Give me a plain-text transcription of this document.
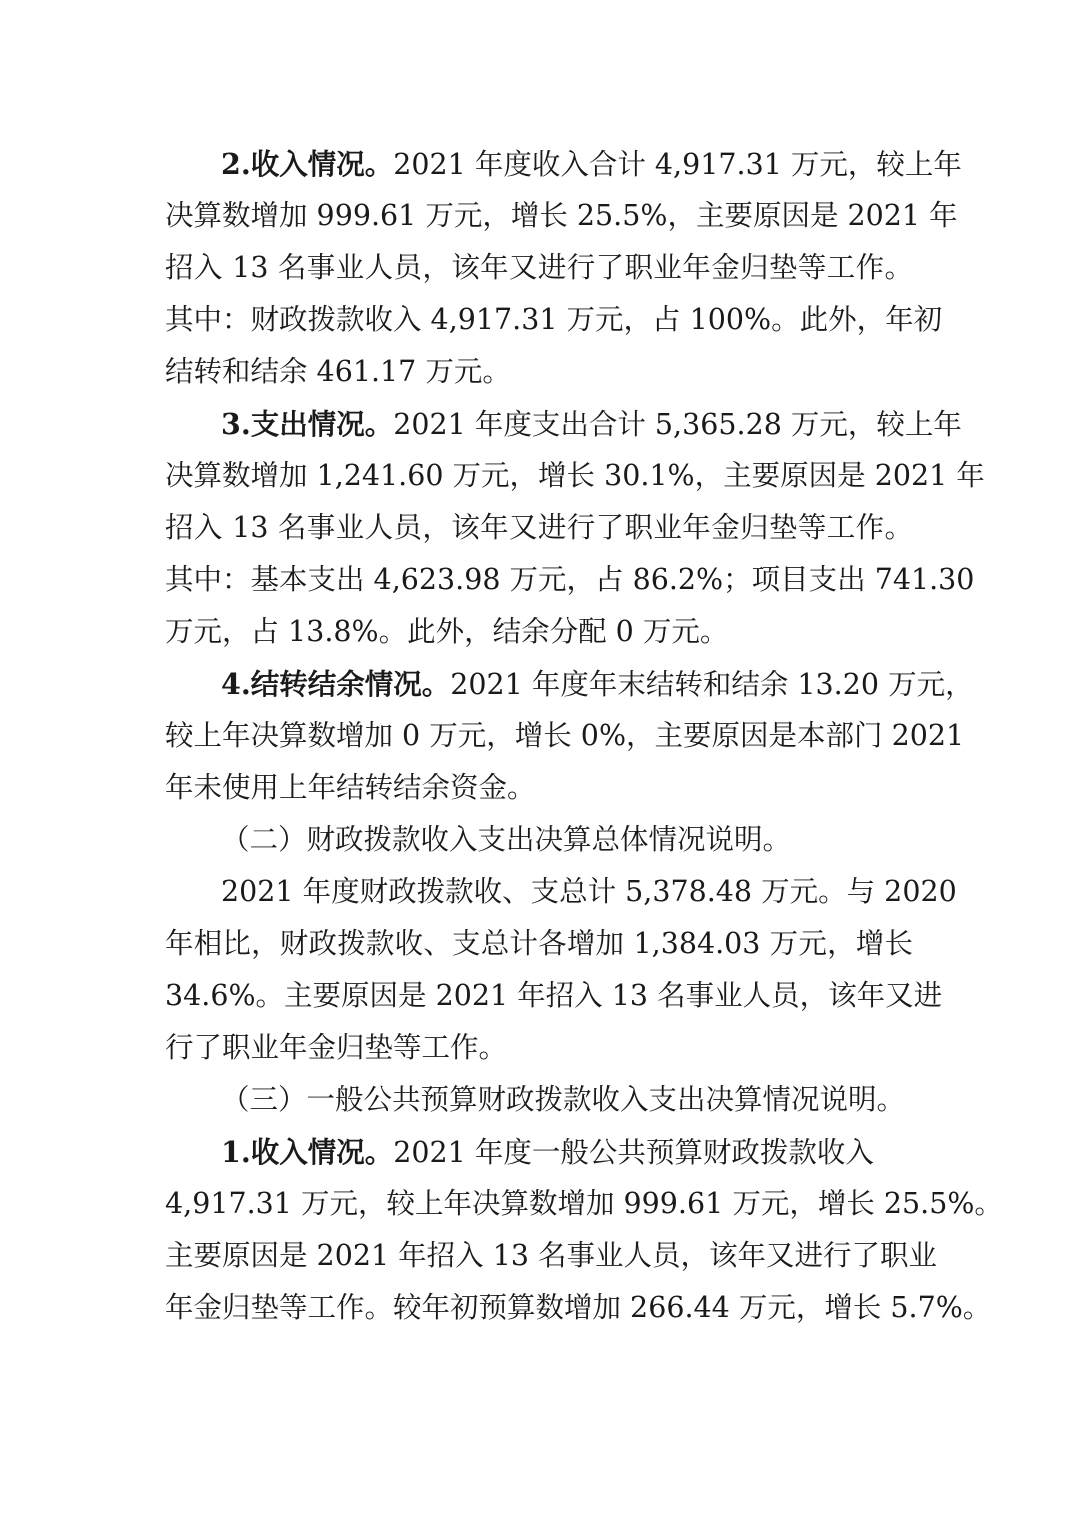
2.收入情况。2021 年度收入合计 4,917.31 万元，较上年
决算数增加 999.61 万元，增长 25.5%，主要原因是 2021 年
招入 13 名事业人员，该年又进行了职业年金归垫等工作。
其中：财政拨款收入 4,917.31 万元，占 100%。此外，年初
结转和结余 461.17 万元。
3.支出情况。2021 年度支出合计 5,365.28 万元，较上年
决算数增加 1,241.60 万元，增长 30.1%，主要原因是 2021 年
招入 13 名事业人员，该年又进行了职业年金归垫等工作。
其中：基本支出 4,623.98 万元，占 86.2%；项目支出 741.30
万元，占 13.8%。此外，结余分配 0 万元。
4.结转结余情况。2021 年度年末结转和结余 13.20 万元，
较上年决算数增加 0 万元，增长 0%，主要原因是本部门 2021
年未使用上年结转结余资金。
（二）财政拨款收入支出决算总体情况说明。
2021 年度财政拨款收、支总计 5,378.48 万元。与 2020
年相比，财政拨款收、支总计各增加 1,384.03 万元，增长
34.6%。主要原因是 2021 年招入 13 名事业人员，该年又进
行了职业年金归垫等工作。
（三）一般公共预算财政拨款收入支出决算情况说明。
1.收入情况。2021 年度一般公共预算财政拨款收入
4,917.31 万元，较上年决算数增加 999.61 万元，增长 25.5%。
主要原因是 2021 年招入 13 名事业人员，该年又进行了职业
年金归垫等工作。较年初预算数增加 266.44 万元，增长 5.7%。
